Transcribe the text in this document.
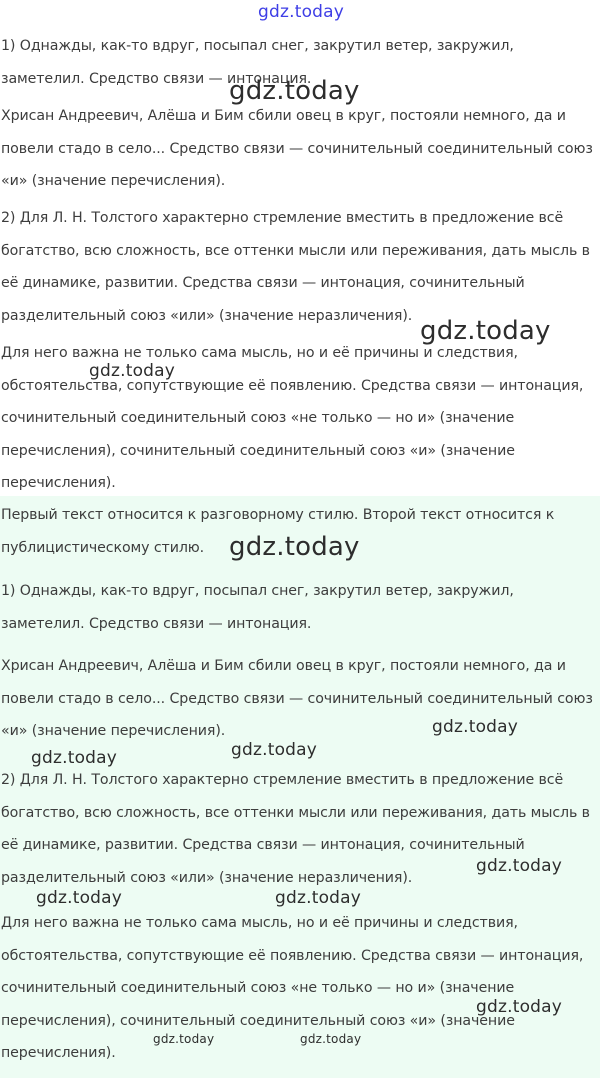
1) Однажды, как-то вдруг, посыпал снег, закрутил ветер, закружил, заметелил. Средство связи — интонация.

Хрисан Андреевич, Алёша и Бим сбили овец в круг, постояли немного, да и повели стадо в село... Средство связи — сочинительный соединительный союз «и» (значение перечисления).

2) Для Л. Н. Толстого характерно стремление вместить в предложение всё богатство, всю сложность, все оттенки мысли или переживания, дать мысль в её динамике, развитии. Средства связи — интонация, сочинительный разделительный союз «или» (значение неразличения).

Для него важна не только сама мысль, но и её причины и следствия, обстоятельства, сопутствующие её появлению. Средства связи — интонация, сочинительный соединительный союз «не только — но и» (значение перечисления), сочинительный соединительный союз «и» (значение перечисления).

Первый текст относится к разговорному стилю. Второй текст относится к публицистическому стилю.

1) Однажды, как-то вдруг, посыпал снег, закрутил ветер, закружил, заметелил. Средство связи — интонация.

Хрисан Андреевич, Алёша и Бим сбили овец в круг, постояли немного, да и повели стадо в село... Средство связи — сочинительный соединительный союз «и» (значение перечисления).

2) Для Л. Н. Толстого характерно стремление вместить в предложение всё богатство, всю сложность, все оттенки мысли или переживания, дать мысль в её динамике, развитии. Средства связи — интонация, сочинительный разделительный союз «или» (значение неразличения).

Для него важна не только сама мысль, но и её причины и следствия, обстоятельства, сопутствующие её появлению. Средства связи — интонация, сочинительный соединительный союз «не только — но и» (значение перечисления), сочинительный соединительный союз «и» (значение перечисления).

gdz.today
gdz.today
gdz.today
gdz.today
gdz.today
gdz.today
gdz.today	gdz.today
gdz.today
gdz.today	gdz.today
gdz.today
gdz.today	gdz.today
